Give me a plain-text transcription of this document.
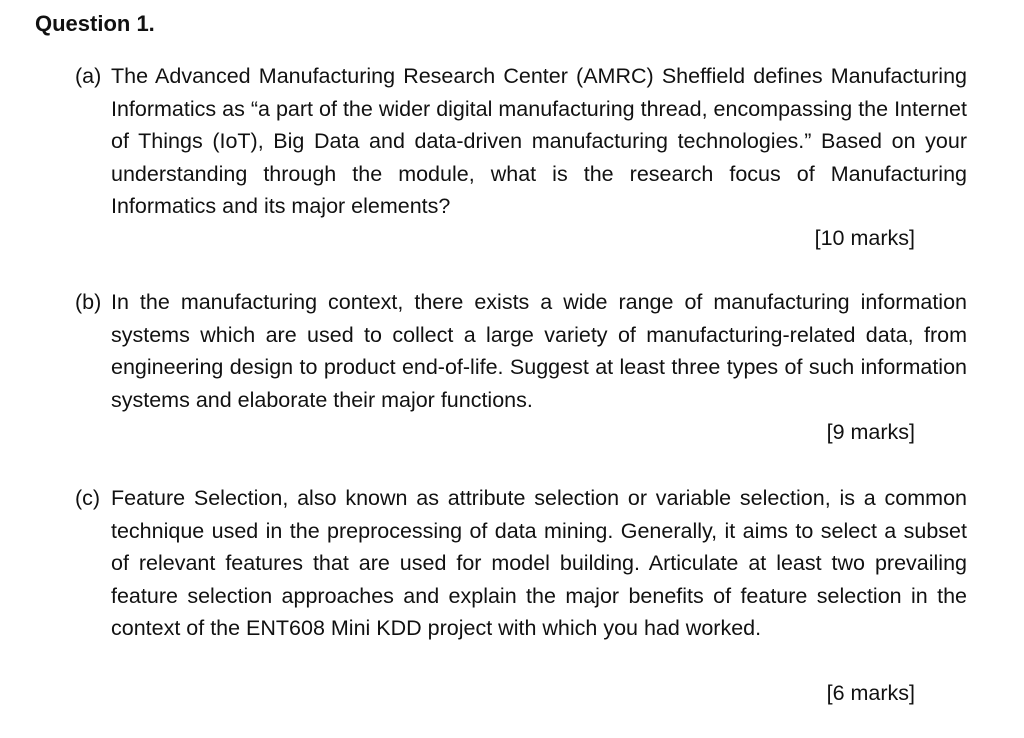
Question 1.
(a) The Advanced Manufacturing Research Center (AMRC) Sheffield defines Manufacturing Informatics as “a part of the wider digital manufacturing thread, encompassing the Internet of Things (IoT), Big Data and data-driven manufacturing technologies.” Based on your understanding through the module, what is the research focus of Manufacturing Informatics and its major elements?

[10 marks]
(b) In the manufacturing context, there exists a wide range of manufacturing information systems which are used to collect a large variety of manufacturing-related data, from engineering design to product end-of-life. Suggest at least three types of such information systems and elaborate their major functions.

[9 marks]
(c) Feature Selection, also known as attribute selection or variable selection, is a common technique used in the preprocessing of data mining. Generally, it aims to select a subset of relevant features that are used for model building. Articulate at least two prevailing feature selection approaches and explain the major benefits of feature selection in the context of the ENT608 Mini KDD project with which you had worked.

[6 marks]
